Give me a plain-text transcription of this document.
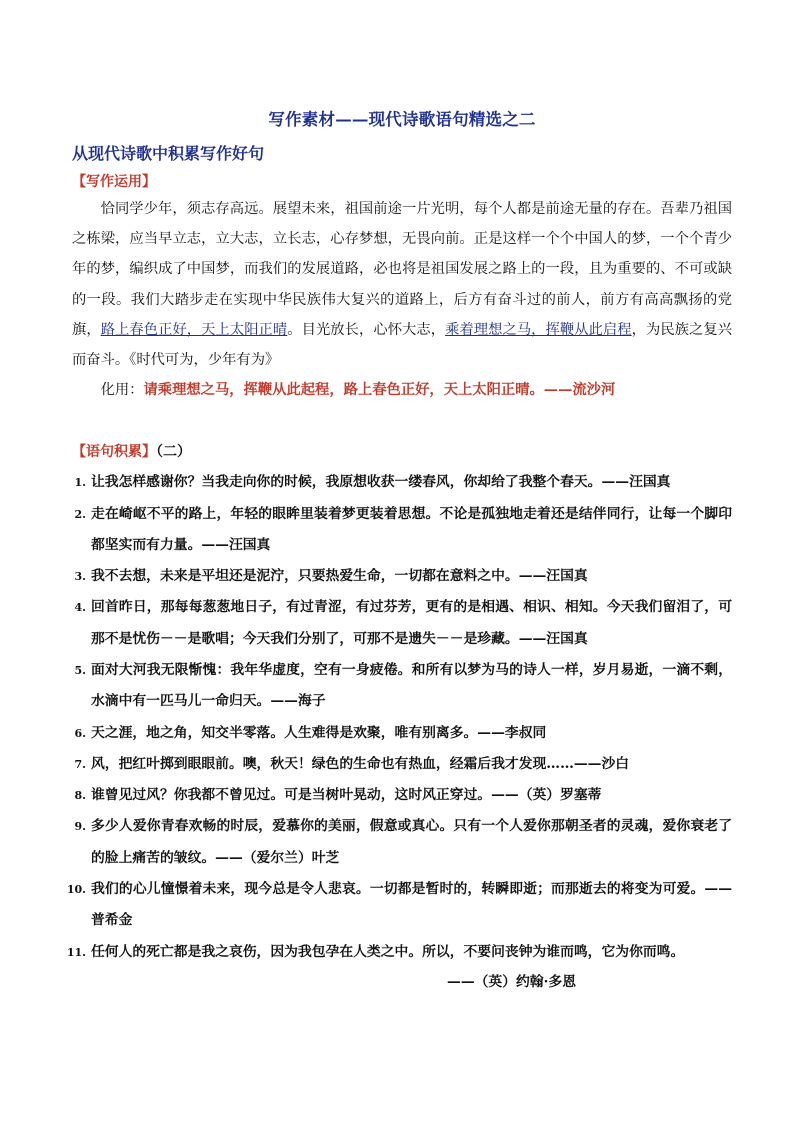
写作素材——现代诗歌语句精选之二
从现代诗歌中积累写作好句
【写作运用】
恰同学少年，须志存高远。展望未来，祖国前途一片光明，每个人都是前途无量的存在。吾辈乃祖国之栋梁，应当早立志，立大志，立长志，心存梦想，无畏向前。正是这样一个个中国人的梦，一个个青少年的梦，编织成了中国梦，而我们的发展道路，必也将是祖国发展之路上的一段，且为重要的、不可或缺的一段。我们大踏步走在实现中华民族伟大复兴的道路上，后方有奋斗过的前人，前方有高高飘扬的党旗，路上春色正好，天上太阳正晴。目光放长，心怀大志，乘着理想之马，挥鞭从此启程，为民族之复兴而奋斗。《时代可为，少年有为》
化用：请乘理想之马，挥鞭从此起程，路上春色正好，天上太阳正晴。——流沙河
【语句积累】（二）
1. 让我怎样感谢你？当我走向你的时候，我原想收获一缕春风，你却给了我整个春天。——汪国真
2. 走在崎岖不平的路上，年轻的眼眸里装着梦更装着思想。不论是孤独地走着还是结伴同行，让每一个脚印都坚实而有力量。——汪国真
3. 我不去想，未来是平坦还是泥泞，只要热爱生命，一切都在意料之中。——汪国真
4. 回首昨日，那每每葱葱地日子，有过青涩，有过芬芳，更有的是相遇、相识、相知。今天我们留泪了，可那不是忧伤－－是歌唱；今天我们分别了，可那不是遗失－－是珍藏。——汪国真
5. 面对大河我无限惭愧：我年华虚度，空有一身疲倦。和所有以梦为马的诗人一样，岁月易逝，一滴不剩，水滴中有一匹马儿一命归天。——海子
6. 天之涯，地之角，知交半零落。人生难得是欢聚，唯有别离多。——李叔同
7. 风，把红叶掷到眼眼前。噢，秋天！绿色的生命也有热血，经霜后我才发现……——沙白
8. 谁曾见过风？你我都不曾见过。可是当树叶晃动，这时风正穿过。——（英）罗塞蒂
9. 多少人爱你青春欢畅的时辰，爱慕你的美丽，假意或真心。只有一个人爱你那朝圣者的灵魂，爱你衰老了的脸上痛苦的皱纹。——（爱尔兰）叶芝
10. 我们的心儿憧憬着未来，现今总是令人悲哀。一切都是暂时的，转瞬即逝；而那逝去的将变为可爱。——普希金
11. 任何人的死亡都是我之哀伤，因为我包孕在人类之中。所以，不要问丧钟为谁而鸣，它为你而鸣。
——（英）约翰·多恩
